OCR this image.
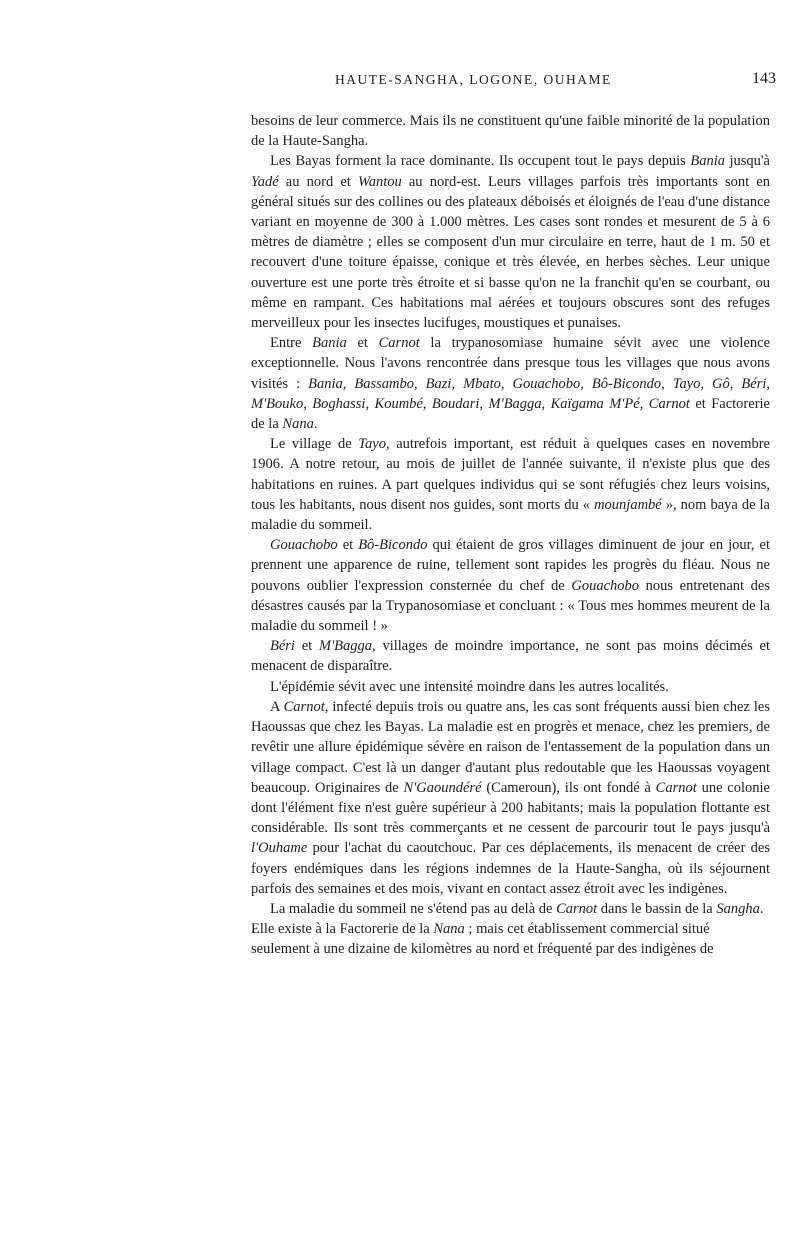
HAUTE-SANGHA, LOGONE, OUHAME	143

besoins de leur commerce. Mais ils ne constituent qu'une faible minorité de la population de la Haute-Sangha.

Les Bayas forment la race dominante. Ils occupent tout le pays depuis Bania jusqu'à Yadé au nord et Wantou au nord-est. Leurs villages parfois très importants sont en général situés sur des collines ou des plateaux déboisés et éloignés de l'eau d'une distance variant en moyenne de 300 à 1.000 mètres. Les cases sont rondes et mesurent de 5 à 6 mètres de diamètre ; elles se composent d'un mur circulaire en terre, haut de 1 m. 50 et recouvert d'une toiture épaisse, conique et très élevée, en herbes sèches. Leur unique ouverture est une porte très étroite et si basse qu'on ne la franchit qu'en se courbant, ou même en rampant. Ces habitations mal aérées et toujours obscures sont des refuges merveilleux pour les insectes lucifuges, moustiques et punaises.

Entre Bania et Carnot la trypanosomiase humaine sévit avec une violence exceptionnelle. Nous l'avons rencontrée dans presque tous les villages que nous avons visités : Bania, Bassambo, Bazi, Mbato, Gouachobo, Bô-Bicondo, Tayo, Gô, Béri, M'Bouko, Boghassi, Koumbé, Boudari, M'Bagga, Kaïgama M'Pé, Carnot et Factorerie de la Nana.

Le village de Tayo, autrefois important, est réduit à quelques cases en novembre 1906. A notre retour, au mois de juillet de l'année suivante, il n'existe plus que des habitations en ruines. A part quelques individus qui se sont réfugiés chez leurs voisins, tous les habitants, nous disent nos guides, sont morts du « mounjambé », nom baya de la maladie du sommeil.

Gouachobo et Bô-Bicondo qui étaient de gros villages diminuent de jour en jour, et prennent une apparence de ruine, tellement sont rapides les progrès du fléau. Nous ne pouvons oublier l'expression consternée du chef de Gouachobo nous entretenant des désastres causés par la Trypanosomiase et concluant : « Tous mes hommes meurent de la maladie du sommeil ! »

Béri et M'Bagga, villages de moindre importance, ne sont pas moins décimés et menacent de disparaître.

L'épidémie sévit avec une intensité moindre dans les autres localités.

A Carnot, infecté depuis trois ou quatre ans, les cas sont fréquents aussi bien chez les Haoussas que chez les Bayas. La maladie est en progrès et menace, chez les premiers, de revêtir une allure épidémique sévère en raison de l'entassement de la population dans un village compact. C'est là un danger d'autant plus redoutable que les Haoussas voyagent beaucoup. Originaires de N'Gaoundéré (Cameroun), ils ont fondé à Carnot une colonie dont l'élément fixe n'est guère supérieur à 200 habitants; mais la population flottante est considérable. Ils sont très commerçants et ne cessent de parcourir tout le pays jusqu'à l'Ouhame pour l'achat du caoutchouc. Par ces déplacements, ils menacent de créer des foyers endémiques dans les régions indemnes de la Haute-Sangha, où ils séjournent parfois des semaines et des mois, vivant en contact assez étroit avec les indigènes.

La maladie du sommeil ne s'étend pas au delà de Carnot dans le bassin de la Sangha. Elle existe à la Factorerie de la Nana ; mais cet établissement commercial situé seulement à une dizaine de kilomètres au nord et fréquenté par des indigènes de
